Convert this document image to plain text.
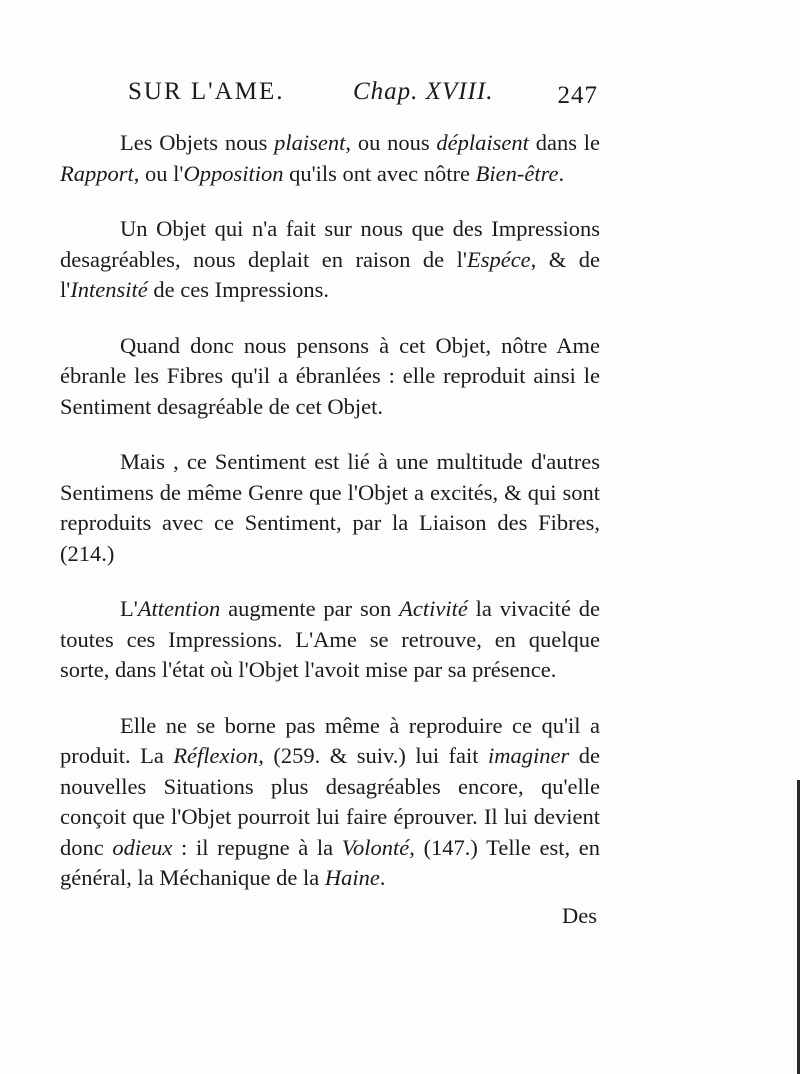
SUR L'AME.	Chap. XVIII.	247

Les Objets nous plaisent, ou nous déplaisent dans le Rapport, ou l'Opposition qu'ils ont avec nôtre Bien-être.

Un Objet qui n'a fait sur nous que des Impressions desagréables, nous deplait en raison de l'Espéce, & de l'Intensité de ces Impressions.

Quand donc nous pensons à cet Objet, nôtre Ame ébranle les Fibres qu'il a ébranlées : elle reproduit ainsi le Sentiment desagréable de cet Objet.

Mais , ce Sentiment est lié à une multitude d'autres Sentimens de même Genre que l'Objet a excités, & qui sont reproduits avec ce Sentiment, par la Liaison des Fibres, (214.)

L'Attention augmente par son Activité la vivacité de toutes ces Impressions. L'Ame se retrouve, en quelque sorte, dans l'état où l'Objet l'avoit mise par sa présence.

Elle ne se borne pas même à reproduire ce qu'il a produit. La Réflexion, (259. & suiv.) lui fait imaginer de nouvelles Situations plus desagréables encore, qu'elle conçoit que l'Objet pourroit lui faire éprouver. Il lui devient donc odieux : il repugne à la Volonté, (147.) Telle est, en général, la Méchanique de la Haine.

Des
